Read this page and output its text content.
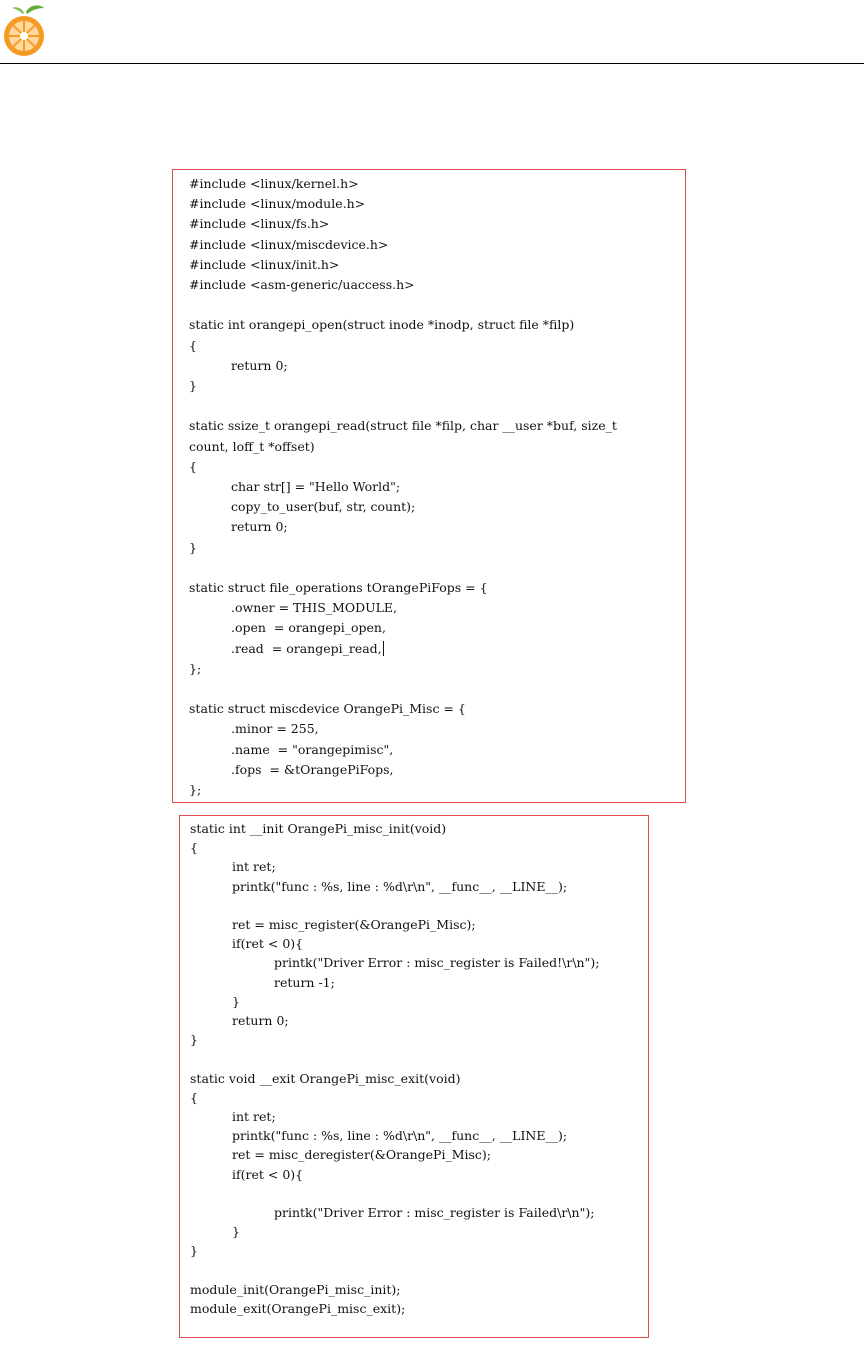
#include <linux/kernel.h>
#include <linux/module.h>
#include <linux/fs.h>
#include <linux/miscdevice.h>
#include <linux/init.h>
#include <asm-generic/uaccess.h>
static int orangepi_open(struct inode *inodp, struct file *filp)
{
return 0;
}
static ssize_t orangepi_read(struct file *filp, char __user *buf, size_t
count, loff_t *offset)
{
char str[] = "Hello World";
copy_to_user(buf, str, count);
return 0;
}
static struct file_operations tOrangePiFops = {
.owner = THIS_MODULE,
.open  = orangepi_open,
.read  = orangepi_read,
};
static struct miscdevice OrangePi_Misc = {
.minor = 255,
.name  = "orangepimisc",
.fops  = &tOrangePiFops,
};
static int __init OrangePi_misc_init(void)
{
int ret;
printk("func : %s, line : %d\r\n", __func__, __LINE__);
ret = misc_register(&OrangePi_Misc);
if(ret < 0){
printk("Driver Error : misc_register is Failed!\r\n");
return -1;
}
return 0;
}
static void __exit OrangePi_misc_exit(void)
{
int ret;
printk("func : %s, line : %d\r\n", __func__, __LINE__);
ret = misc_deregister(&OrangePi_Misc);
if(ret < 0){
printk("Driver Error : misc_register is Failed\r\n");
}
}
module_init(OrangePi_misc_init);
module_exit(OrangePi_misc_exit);
